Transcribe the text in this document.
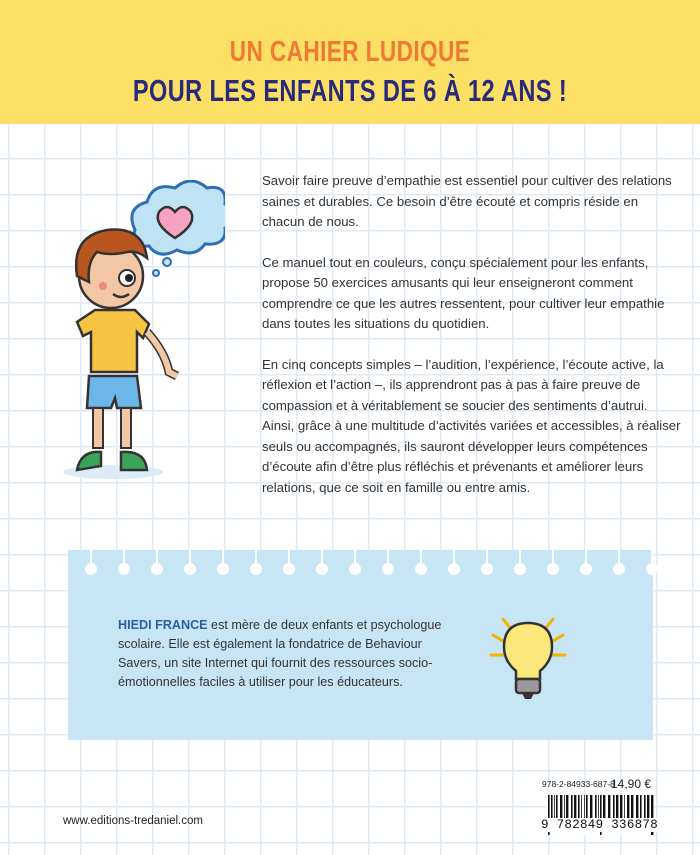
UN CAHIER LUDIQUE
POUR LES ENFANTS DE 6 À 12 ANS !

Savoir faire preuve d’empathie est essentiel pour cultiver des relations saines et durables. Ce besoin d’être écouté et compris réside en chacun de nous.

Ce manuel tout en couleurs, conçu spécialement pour les enfants, propose 50 exercices amusants qui leur enseigneront comment comprendre ce que les autres ressentent, pour cultiver leur empathie dans toutes les situations du quotidien.

En cinq concepts simples – l’audition, l’expérience, l’écoute active, la réflexion et l’action –, ils apprendront pas à pas à faire preuve de compassion et à véritablement se soucier des sentiments d’autrui. Ainsi, grâce à une multitude d’activités variées et accessibles, à réaliser seuls ou accompagnés, ils sauront développer leurs compétences d’écoute afin d’être plus réfléchis et prévenants et améliorer leurs relations, que ce soit en famille ou entre amis.

HIEDI FRANCE est mère de deux enfants et psychologue scolaire. Elle est également la fondatrice de Behaviour Savers, un site Internet qui fournit des ressources socio-émotionnelles faciles à utiliser pour les éducateurs.
www.editions-tredaniel.com
978-2-84933-687-8
14,90 €
9 782849 336878
